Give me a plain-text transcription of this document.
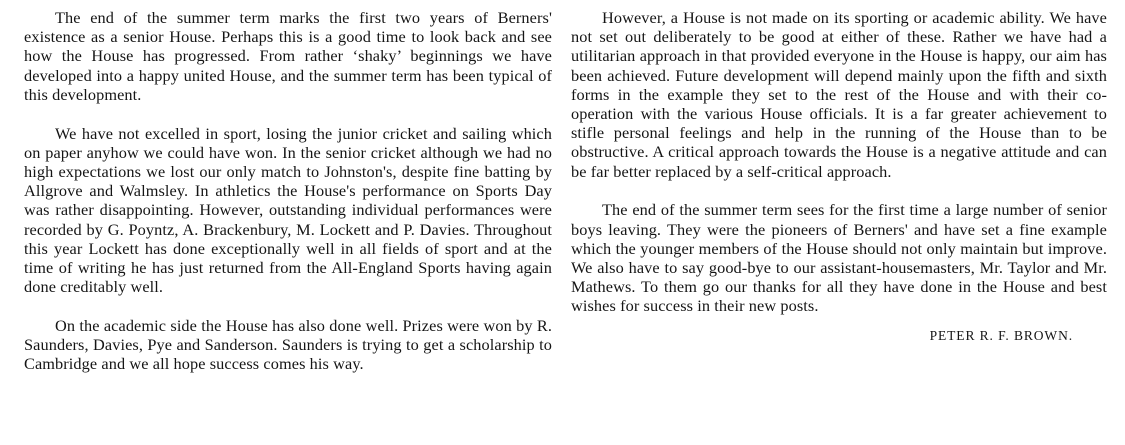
The end of the summer term marks the first two years of Berners' existence as a senior House. Perhaps this is a good time to look back and see how the House has progressed. From rather ‘shaky’ beginnings we have developed into a happy united House, and the summer term has been typical of this development.

We have not excelled in sport, losing the junior cricket and sailing which on paper anyhow we could have won. In the senior cricket although we had no high expectations we lost our only match to Johnston's, despite fine batting by Allgrove and Walmsley. In athletics the House's performance on Sports Day was rather disappointing. However, outstanding individual performances were recorded by G. Poyntz, A. Brackenbury, M. Lockett and P. Davies. Throughout this year Lockett has done exceptionally well in all fields of sport and at the time of writing he has just returned from the All-England Sports having again done creditably well.

On the academic side the House has also done well. Prizes were won by R. Saunders, Davies, Pye and Sanderson. Saunders is trying to get a scholarship to Cambridge and we all hope success comes his way.

However, a House is not made on its sporting or academic ability. We have not set out deliberately to be good at either of these. Rather we have had a utilitarian approach in that provided everyone in the House is happy, our aim has been achieved. Future development will depend mainly upon the fifth and sixth forms in the example they set to the rest of the House and with their co-operation with the various House officials. It is a far greater achievement to stifle personal feelings and help in the running of the House than to be obstructive. A critical approach towards the House is a negative attitude and can be far better replaced by a self-critical approach.

The end of the summer term sees for the first time a large number of senior boys leaving. They were the pioneers of Berners' and have set a fine example which the younger members of the House should not only maintain but improve. We also have to say good-bye to our assistant-housemasters, Mr. Taylor and Mr. Mathews. To them go our thanks for all they have done in the House and best wishes for success in their new posts.

PETER R. F. BROWN.
